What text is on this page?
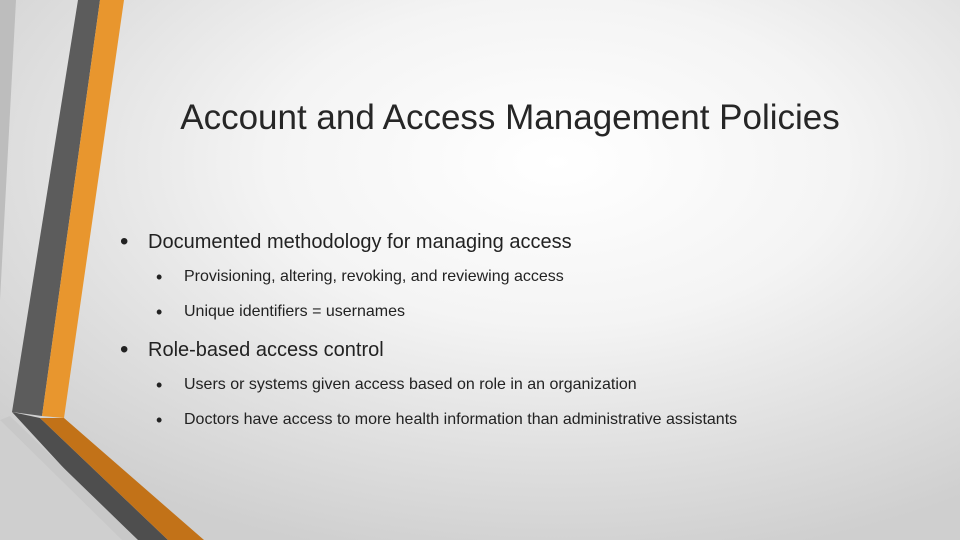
Account and Access Management Policies
• Documented methodology for managing access
• Provisioning, altering, revoking, and reviewing access
• Unique identifiers = usernames
• Role-based access control
• Users or systems given access based on role in an organization
• Doctors have access to more health information than administrative assistants
